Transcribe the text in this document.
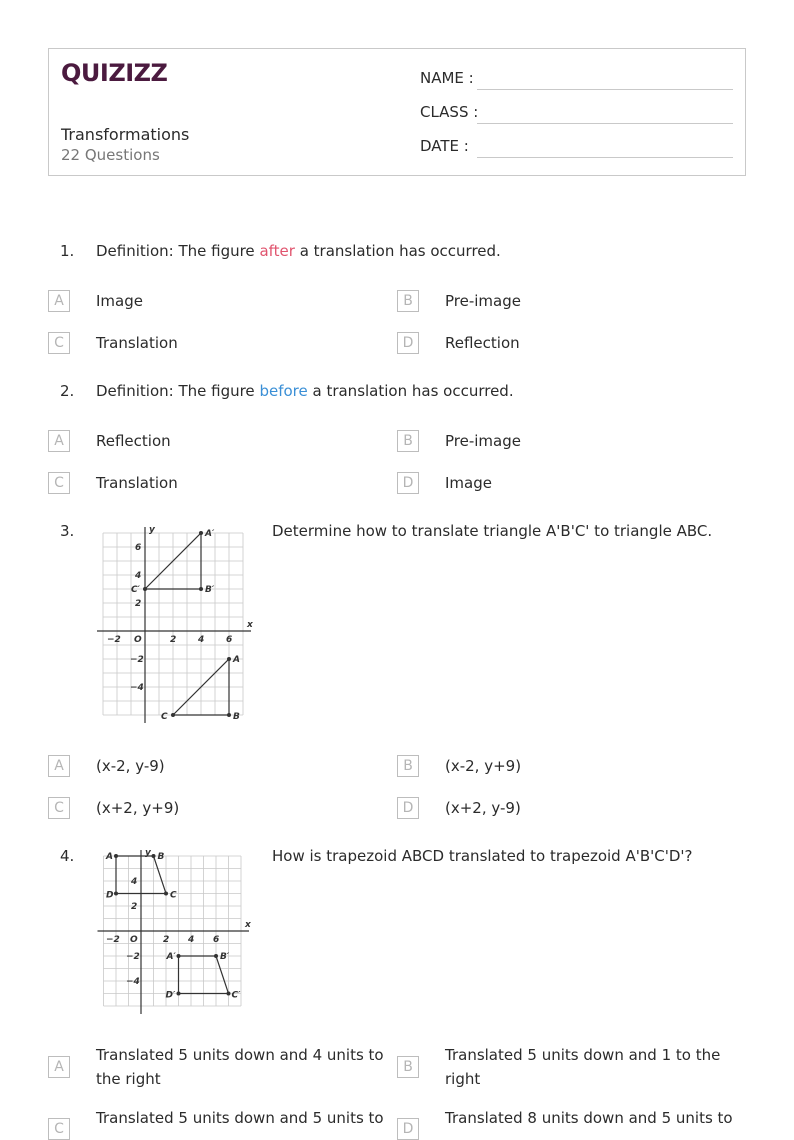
QUIZIZZ
Transformations
22 Questions
NAME :
CLASS :
DATE :
1. Definition: The figure after a translation has occurred.
A	Image	B	Pre-image
C	Translation	D	Reflection
2. Definition: The figure before a translation has occurred.
A	Reflection	B	Pre-image
C	Translation	D	Image
3.	Determine how to translate triangle A'B'C' to triangle ABC.
x
y
O
−2	2 4 6
6
4
2
−2
−4
A′
B′
C′
A
B
C
A	(x-2, y-9)	B	(x-2, y+9)
C	(x+2, y+9)	D	(x+2, y-9)
4.	How is trapezoid ABCD translated to trapezoid A'B'C'D'?
x
y
O
−2	2 4 6
4
2
−2
−4
A	B
C
D
A′	B′
C′
D′
A
Translated 5 units down and 4 units to the right
B
Translated 5 units down and 1 to the right
C
Translated 5 units down and 5 units to
D
Translated 8 units down and 5 units to
